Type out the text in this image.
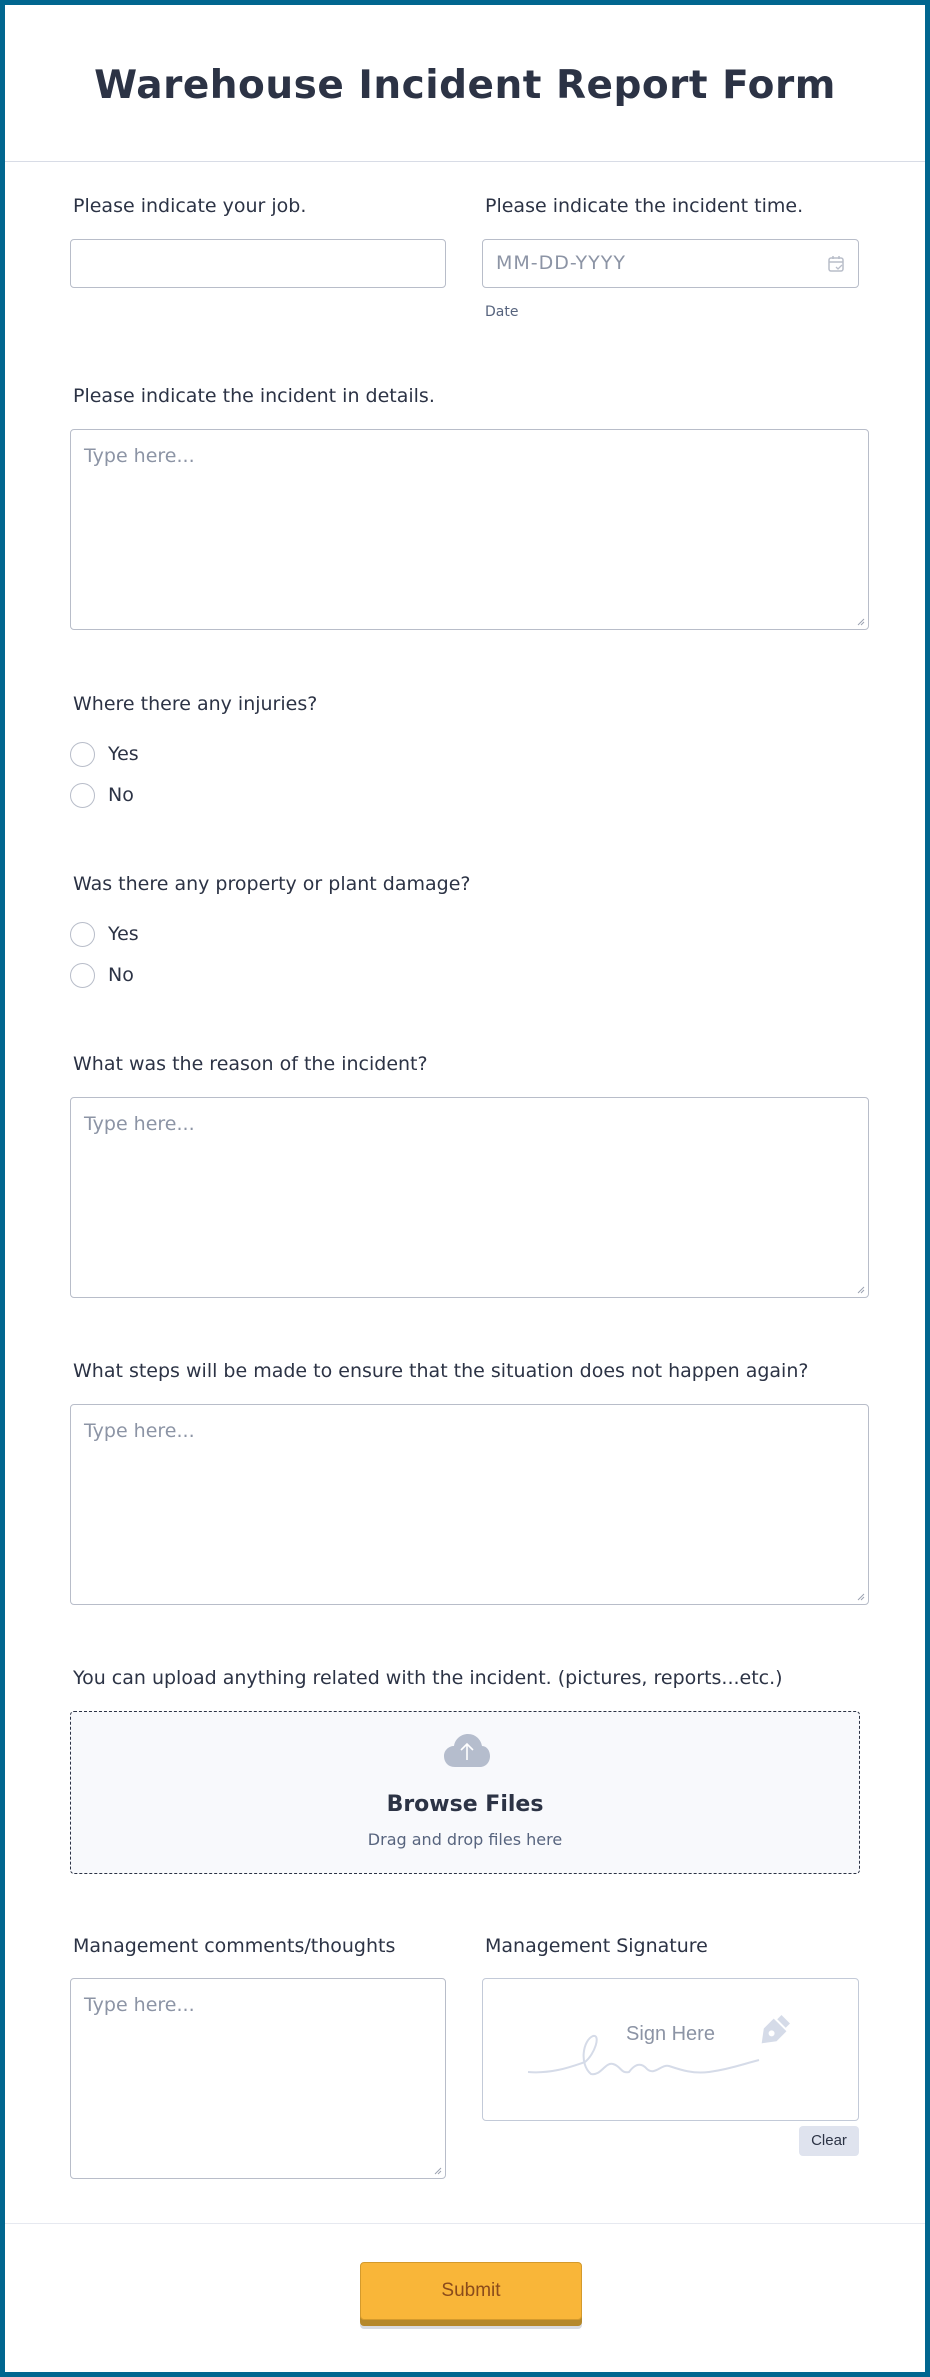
Warehouse Incident Report Form
Please indicate your job.	Please indicate the incident time.
MM-DD-YYYY
Date
Please indicate the incident in details.
Type here...
Where there any injuries?
Yes
No
Was there any property or plant damage?
Yes
No
What was the reason of the incident?
Type here...
What steps will be made to ensure that the situation does not happen again?
Type here...
You can upload anything related with the incident. (pictures, reports...etc.)
Browse Files
Drag and drop files here
Management comments/thoughts
Type here...
Management Signature
Sign Here
Clear
Submit
